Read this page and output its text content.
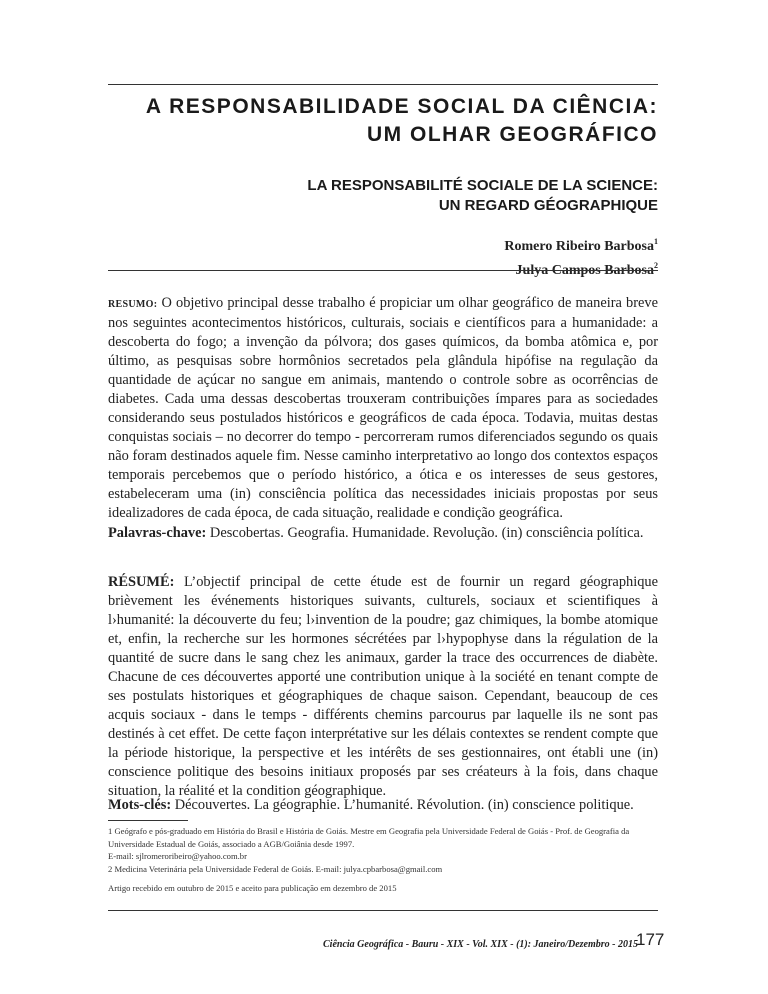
A RESPONSABILIDADE SOCIAL DA CIÊNCIA:
UM OLHAR GEOGRÁFICO
LA RESPONSABILITÉ SOCIALE DE LA SCIENCE:
UN REGARD GÉOGRAPHIQUE
Romero Ribeiro Barbosa$^1$
Julya Campos Barbosa$^2$
RESUMO: O objetivo principal desse trabalho é propiciar um olhar geográfico de maneira breve nos seguintes acontecimentos históricos, culturais, sociais e científicos para a humanidade: a descoberta do fogo; a invenção da pólvora; dos gases químicos, da bomba atômica e, por último, as pesquisas sobre hormônios secretados pela glândula hipófise na regulação da quantidade de açúcar no sangue em animais, mantendo o controle sobre as ocorrências de diabetes. Cada uma dessas descobertas trouxeram contribuições ímpares para as sociedades considerando seus postulados históricos e geográficos de cada época. Todavia, muitas destas conquistas sociais – no decorrer do tempo - percorreram rumos diferenciados segundo os quais não foram destinados aquele fim. Nesse caminho interpretativo ao longo dos contextos espaços temporais percebemos que o período histórico, a ótica e os interesses de seus gestores, estabeleceram uma (in) consciência política das necessidades iniciais propostas por seus idealizadores de cada época, de cada situação, realidade e condição geográfica.
Palavras-chave: Descobertas. Geografia. Humanidade. Revolução. (in) consciência política.
RÉSUMÉ: L’objectif principal de cette étude est de fournir un regard géographique brièvement les événements historiques suivants, culturels, sociaux et scientifiques à l›humanité: la découverte du feu; l›invention de la poudre; gaz chimiques, la bombe atomique et, enfin, la recherche sur les hormones sécrétées par l›hypophyse dans la régulation de la quantité de sucre dans le sang chez les animaux, garder la trace des occurrences de diabète. Chacune de ces découvertes apporté une contribution unique à la société en tenant compte de ses postulats historiques et géographiques de chaque saison. Cependant, beaucoup de ces acquis sociaux - dans le temps - différents chemins parcourus par laquelle ils ne sont pas destinés à cet effet. De cette façon interprétative sur les délais contextes se rendent compte que la période historique, la perspective et les intérêts de ses gestionnaires, ont établi une (in) conscience politique des besoins initiaux proposés par ses créateurs à la fois, dans chaque situation, la réalité et la condition géographique.
Mots-clés: Découvertes. La géographie. L’humanité. Révolution. (in) conscience politique.
1 Geógrafo e pós-graduado em História do Brasil e História de Goiás. Mestre em Geografia pela Universidade Federal de Goiás - Prof. de Geografia da Universidade Estadual de Goiás, associado a AGB/Goiânia desde 1997.
E-mail: sjlromeroribeiro@yahoo.com.br
2 Medicina Veterinária pela Universidade Federal de Goiás. E-mail: julya.cpbarbosa@gmail.com
Artigo recebido em outubro de 2015 e aceito para publicação em dezembro de 2015
Ciência Geográfica - Bauru - XIX - Vol. XIX - (1): Janeiro/Dezembro - 2015
177
